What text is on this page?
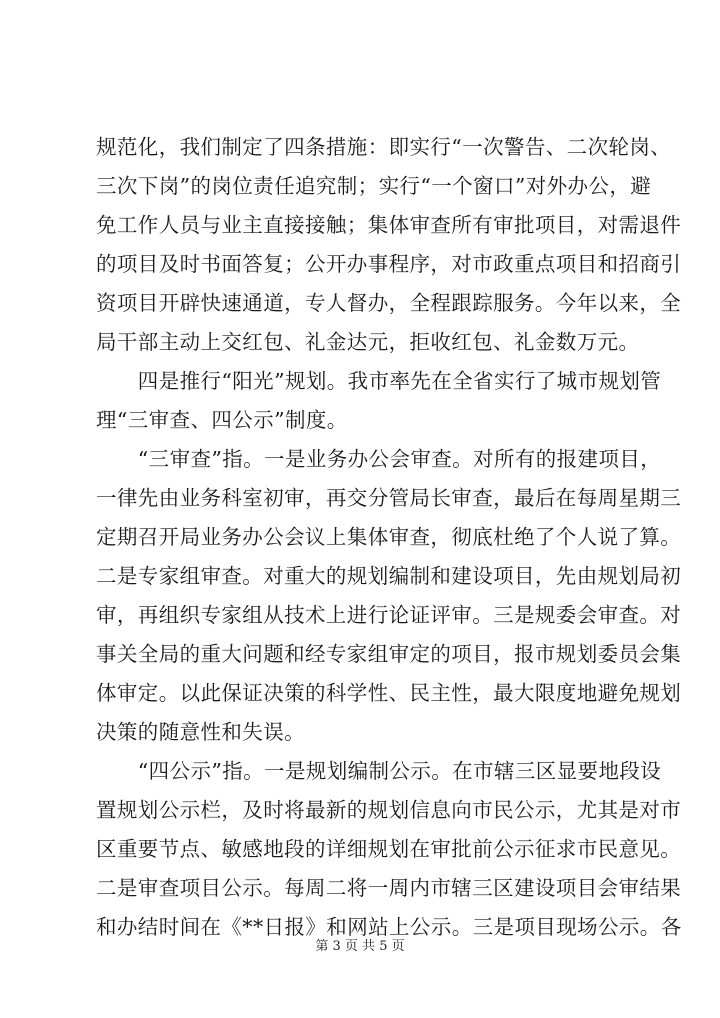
规范化，我们制定了四条措施：即实行“一次警告、二次轮岗、
三次下岗”的岗位责任追究制；实行“一个窗口”对外办公，避
免工作人员与业主直接接触；集体审查所有审批项目，对需退件
的项目及时书面答复；公开办事程序，对市政重点项目和招商引
资项目开辟快速通道，专人督办，全程跟踪服务。今年以来，全
局干部主动上交红包、礼金达元，拒收红包、礼金数万元。
　　四是推行“阳光”规划。我市率先在全省实行了城市规划管
理“三审查、四公示”制度。
　　“三审查”指。一是业务办公会审查。对所有的报建项目，
一律先由业务科室初审，再交分管局长审查，最后在每周星期三
定期召开局业务办公会议上集体审查，彻底杜绝了个人说了算。
二是专家组审查。对重大的规划编制和建设项目，先由规划局初
审，再组织专家组从技术上进行论证评审。三是规委会审查。对
事关全局的重大问题和经专家组审定的项目，报市规划委员会集
体审定。以此保证决策的科学性、民主性，最大限度地避免规划
决策的随意性和失误。
　　“四公示”指。一是规划编制公示。在市辖三区显要地段设
置规划公示栏，及时将最新的规划信息向市民公示，尤其是对市
区重要节点、敏感地段的详细规划在审批前公示征求市民意见。
二是审查项目公示。每周二将一周内市辖三区建设项目会审结果
和办结时间在《**日报》和网站上公示。三是项目现场公示。各
第 3 页 共 5 页
